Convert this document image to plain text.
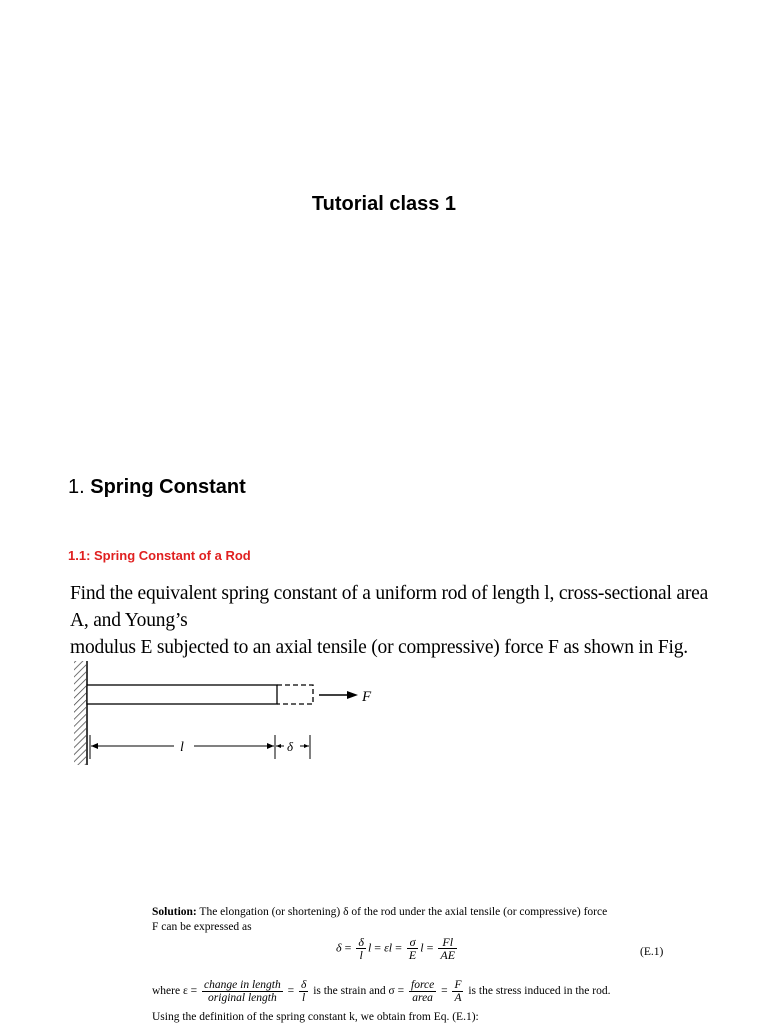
Tutorial class 1
1. Spring Constant
1.1: Spring Constant of a Rod
Find the equivalent spring constant of a uniform rod of length l, cross-sectional area A, and Young’s
modulus E subjected to an axial tensile (or compressive) force F as shown in Fig.
F
l	δ
Solution: The elongation (or shortening) δ of the rod under the axial tensile (or compressive) force
F can be expressed as
$\delta = \frac{\delta}{l}$ $l = \varepsilon l = \frac{\sigma}{E}$ $l = \frac{Fl}{AE}$	(E.1)
where $\varepsilon = \frac{\text{change in length}}{\text{original length}} = \frac{\delta}{l}$ is the strain and $\sigma = \frac{\text{force}}{\text{area}} = \frac{F}{A}$ is the stress induced in the rod.
Using the definition of the spring constant k, we obtain from Eq. (E.1):
